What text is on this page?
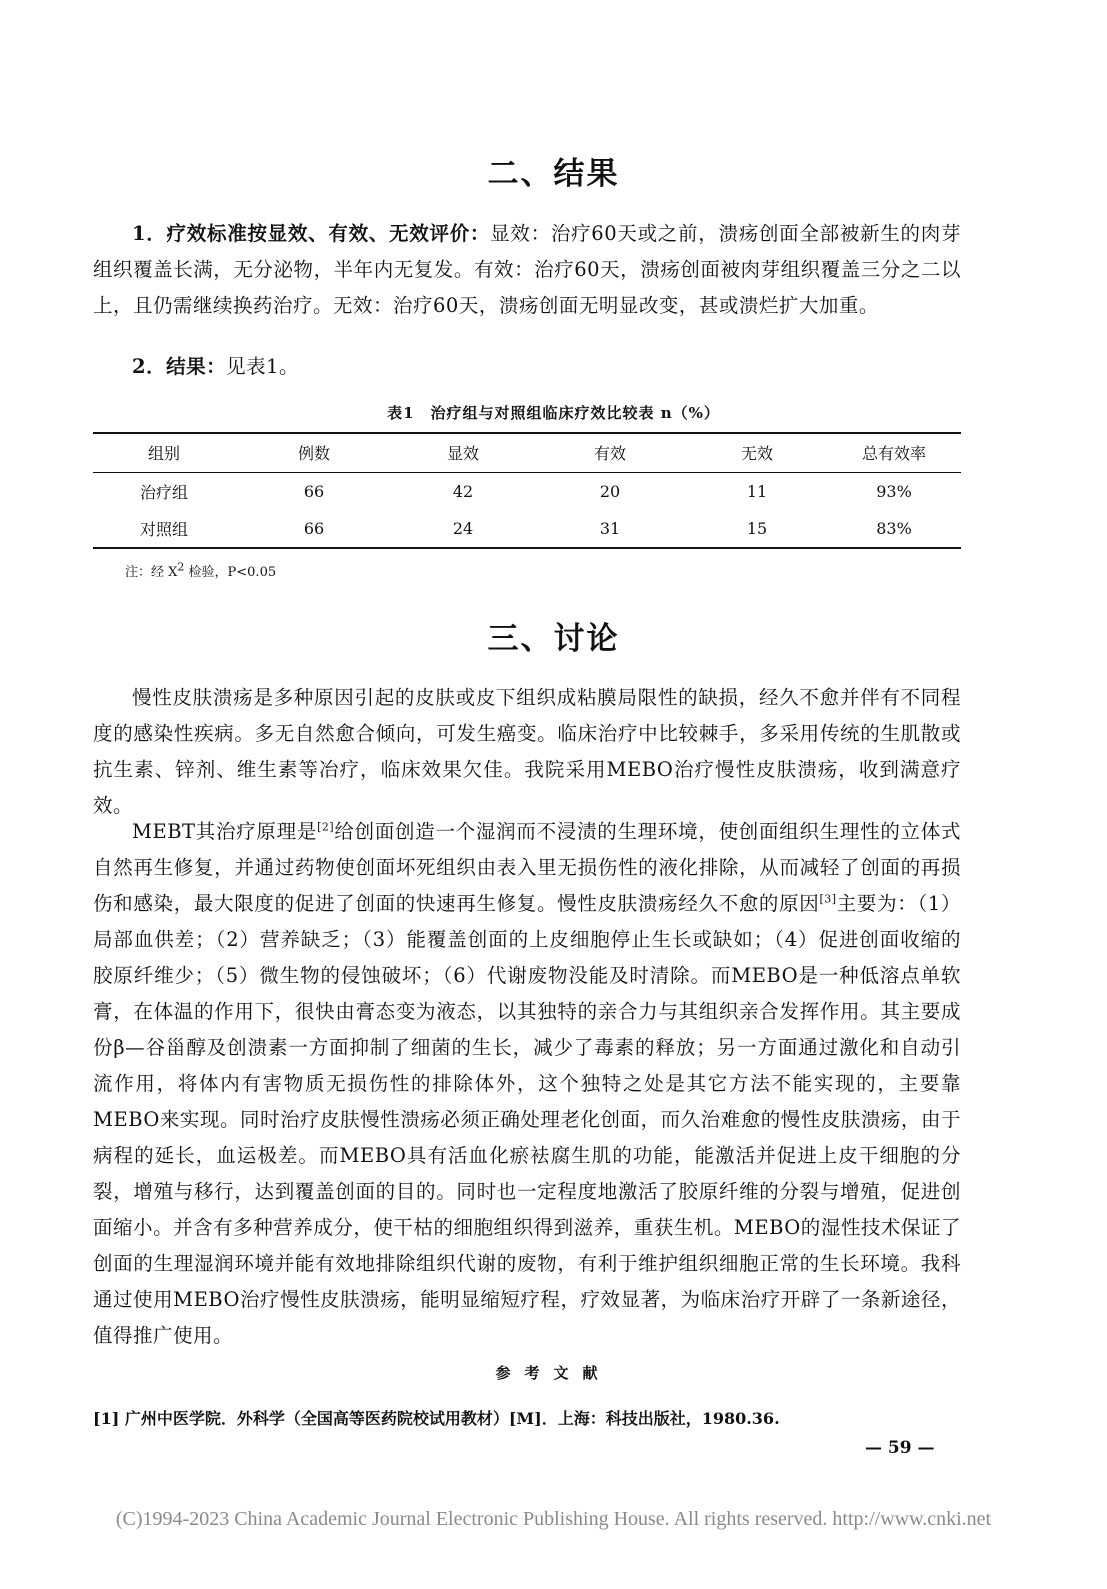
二、结果
1．疗效标准按显效、有效、无效评价：显效：治疗60天或之前，溃疡创面全部被新生的肉芽组织覆盖长满，无分泌物，半年内无复发。有效：治疗60天，溃疡创面被肉芽组织覆盖三分之二以上，且仍需继续换药治疗。无效：治疗60天，溃疡创面无明显改变，甚或溃烂扩大加重。
2．结果：见表1。
表1　治疗组与对照组临床疗效比较表 n（%）
组别	例数	显效	有效	无效	总有效率
治疗组	66	42	20	11	93%
对照组	66	24	31	15	83%
注：经 $X^2$ 检验，P<0.05
三、讨论
慢性皮肤溃疡是多种原因引起的皮肤或皮下组织成粘膜局限性的缺损，经久不愈并伴有不同程度的感染性疾病。多无自然愈合倾向，可发生癌变。临床治疗中比较棘手，多采用传统的生肌散或抗生素、锌剂、维生素等冶疗，临床效果欠佳。我院采用MEBO治疗慢性皮肤溃疡，收到满意疗效。
MEBT其治疗原理是[2]给创面创造一个湿润而不浸渍的生理环境，使创面组织生理性的立体式自然再生修复，并通过药物使创面坏死组织由表入里无损伤性的液化排除，从而减轻了创面的再损伤和感染，最大限度的促进了创面的快速再生修复。慢性皮肤溃疡经久不愈的原因[3]主要为：（1）局部血供差；（2）营养缺乏；（3）能覆盖创面的上皮细胞停止生长或缺如；（4）促进创面收缩的胶原纤维少；（5）微生物的侵蚀破坏；（6）代谢废物没能及时清除。而MEBO是一种低溶点单软膏，在体温的作用下，很快由膏态变为液态，以其独特的亲合力与其组织亲合发挥作用。其主要成份β—谷甾醇及创溃素一方面抑制了细菌的生长，减少了毒素的释放；另一方面通过激化和自动引流作用，将体内有害物质无损伤性的排除体外，这个独特之处是其它方法不能实现的，主要靠MEBO来实现。同时治疗皮肤慢性溃疡必须正确处理老化创面，而久治难愈的慢性皮肤溃疡，由于病程的延长，血运极差。而MEBO具有活血化瘀袪腐生肌的功能，能激活并促进上皮干细胞的分裂，增殖与移行，达到覆盖创面的目的。同时也一定程度地激活了胶原纤维的分裂与增殖，促进创面缩小。并含有多种营养成分，使干枯的细胞组织得到滋养，重获生机。MEBO的湿性技术保证了创面的生理湿润环境并能有效地排除组织代谢的废物，有利于维护组织细胞正常的生长环境。我科通过使用MEBO治疗慢性皮肤溃疡，能明显缩短疗程，疗效显著，为临床治疗开辟了一条新途径，值得推广使用。
参考文献
[1] 广州中医学院．外科学（全国高等医药院校试用教材）[M]．上海：科技出版社，1980.36.
— 59 —
(C)1994-2023 China Academic Journal Electronic Publishing House. All rights reserved. http://www.cnki.net
